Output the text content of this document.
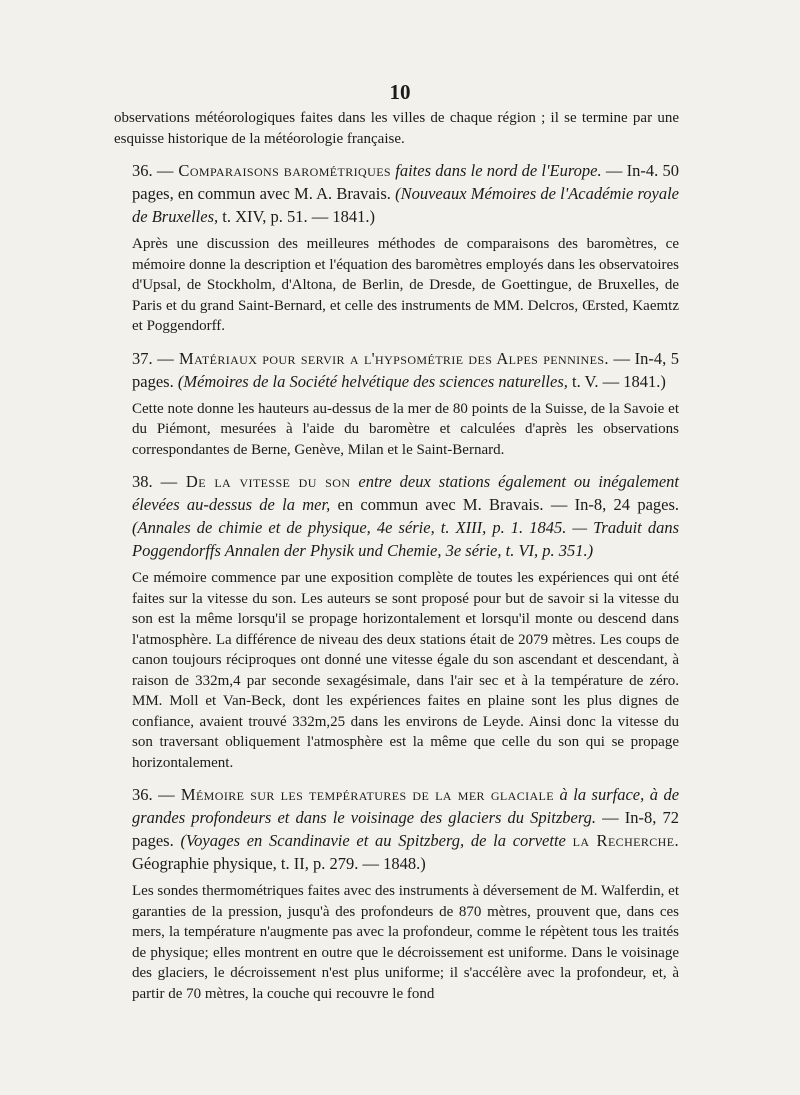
10

observations météorologiques faites dans les villes de chaque région ; il se termine par une esquisse historique de la météorologie française.

36. — Comparaisons barométriques faites dans le nord de l'Europe. — In-4. 50 pages, en commun avec M. A. Bravais. (Nouveaux Mémoires de l'Académie royale de Bruxelles, t. XIV, p. 51. — 1841.)

Après une discussion des meilleures méthodes de comparaisons des baromètres, ce mémoire donne la description et l'équation des baromètres employés dans les observatoires d'Upsal, de Stockholm, d'Altona, de Berlin, de Dresde, de Goettingue, de Bruxelles, de Paris et du grand Saint-Bernard, et celle des instruments de MM. Delcros, Œrsted, Kaemtz et Poggendorff.

37. — Matériaux pour servir a l'hypsométrie des Alpes pennines. — In-4, 5 pages. (Mémoires de la Société helvétique des sciences naturelles, t. V. — 1841.)

Cette note donne les hauteurs au-dessus de la mer de 80 points de la Suisse, de la Savoie et du Piémont, mesurées à l'aide du baromètre et calculées d'après les observations correspondantes de Berne, Genève, Milan et le Saint-Bernard.

38. — De la vitesse du son entre deux stations également ou inégalement élevées au-dessus de la mer, en commun avec M. Bravais. — In-8, 24 pages. (Annales de chimie et de physique, 4e série, t. XIII, p. 1. 1845. — Traduit dans Poggendorffs Annalen der Physik und Chemie, 3e série, t. VI, p. 351.)

Ce mémoire commence par une exposition complète de toutes les expériences qui ont été faites sur la vitesse du son. Les auteurs se sont proposé pour but de savoir si la vitesse du son est la même lorsqu'il se propage horizontalement et lorsqu'il monte ou descend dans l'atmosphère. La différence de niveau des deux stations était de 2079 mètres. Les coups de canon toujours réciproques ont donné une vitesse égale du son ascendant et descendant, à raison de 332m,4 par seconde sexagésimale, dans l'air sec et à la température de zéro. MM. Moll et Van-Beck, dont les expériences faites en plaine sont les plus dignes de confiance, avaient trouvé 332m,25 dans les environs de Leyde. Ainsi donc la vitesse du son traversant obliquement l'atmosphère est la même que celle du son qui se propage horizontalement.

36. — Mémoire sur les températures de la mer glaciale à la surface, à de grandes profondeurs et dans le voisinage des glaciers du Spitzberg. — In-8, 72 pages. (Voyages en Scandinavie et au Spitzberg, de la corvette la Recherche. Géographie physique, t. II, p. 279. — 1848.)

Les sondes thermométriques faites avec des instruments à déversement de M. Walferdin, et garanties de la pression, jusqu'à des profondeurs de 870 mètres, prouvent que, dans ces mers, la température n'augmente pas avec la profondeur, comme le répètent tous les traités de physique; elles montrent en outre que le décroissement est uniforme. Dans le voisinage des glaciers, le décroissement n'est plus uniforme; il s'accélère avec la profondeur, et, à partir de 70 mètres, la couche qui recouvre le fond
